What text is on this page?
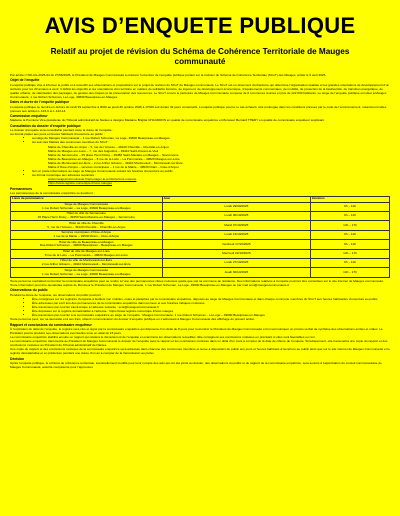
AVIS D’ENQUETE PUBLIQUE
Relatif au projet de révision du Schéma de Cohérence Territoriale de Mauges communauté
Par arrêté n°AR-AG-2025-04 du 27/06/2025, le Président de Mauges Communauté a ordonné l’ouverture de l’enquête publique portant sur la révision du Schéma de Cohérence Territoriale (SCoT) des Mauges, arrêté le 9 avril 2025.
Objet de l’enquête
L’enquête publique vise à informer le public et à recueillir ses observations et propositions sur le projet de révision du SCoT de Mauges communauté. Le SCoT est un document d’urbanisme qui détermine l’organisation spatiale et les grandes orientations de développement d’un territoire pour les 20 années à venir. Il définit les objectifs et les orientations d’un territoire en matière de solidarité foncière, de logement, de développement économique, d’équipements commerciaux, de mobilité, de protection de la biodiversité, de transition énergétique, de qualité urbaine, de valorisation des paysages, de gestion des risques et de préservation des ressources. Le SCoT couvre le périmètre de Mauges Communauté composé de 6 communes réunies et plus de 122 000 habitants. Le siège de l’enquête publique est situé à Mauges Communauté, 1 rue Robert Schuman, La Loge, 49600 Beaupréau-en-Mauges.
Dates et durée de l’enquête publique
L’enquête publique se tiendra en dehors du lundi 29 septembre à 9h00 au jeudi 30 octobre 2025 à 17h00 soit durant 32 jours consécutifs. L’enquête publique pourra, le cas échéant, être prolongée dans les conditions prévues par le code de l’environnement, notamment celles prévues aux articles L.123-9 et L.123-14.
Commission enquêteur
Madame la Première Vice-présidente du Tribunal administratif de Nantes a désigné Madame Brigitte CHAUDRON en qualité de commissaire enquêtrice et Monsieur Bernard THERY en qualité de commissaire enquêteur suppléant.
Consultation du dossier d’enquête publique
Le dossier d’enquête sera consultable pendant toute la durée de l’enquête :
Au format papier aux jours et heures habituels d’ouverture au public :
• au siège de Mauges Communauté – 1 rue Robert Schuman, La Loge, 49600 Beaupréau-en-Mauges.
• Au sein des Mairies des communes membres du SCoT :
Mairie de Chemillé-en-Anjou – 5, rue de l’Arceau – 49120 Chemillé – Chemillé-en-Anjou
Mairie de Mauges-sur-Loire – 7, rue des Augustins – 49410 Saint-Florent-le-Vieil
Mairie de Sèvremoine – 25 place Henri Doisy – 49450 Saint-Macaire-en-Mauges – Sèvremoine
Mairie de Beaupréau-en-Mauges – 8 rue de la Loire – La Pommeraie – 49620 Mauges-sur-Loire
Mairie de Montrevault-sur-Èvre – 2 rue Arthur Gibouin – 49110 Montrevault – Montrevault-sur-Èvre
Mairie d’Orée-d’Anjou – services municipaux – 1 rue de la Mairie – 49530 Drain – Orée-d’Anjou
• Sur un poste informatique au siège de Mauges Communauté suivant les horaires d’ouverture au public.
• Au format numérique aux adresses suivantes :
www.maugescommunaute.fr/amenager-le-territoire/scot-enquete
https://www.registre-numerique.fr/scot-mauges
Permanences
Les permanences de la commissaire enquêtrice se tiendront :
Lieux de permanence	Jour	Horaires

Siège de Mauges Communauté
1 rue Robert Schuman – La Loge, 49600 Beaupréau-en-Mauges	Lundi 29/09/2025	9h – 12h

Hôtel de ville de Sèvremoine
25 Place Henri Doisy – 49450 Saint-Macaire-en-Mauges – Sèvremoine	Lundi 06/10/2025	9h – 12h

Hôtel de ville de Chemillé
5, rue de l’Arceau – 49120 Chemillé – Chemillé-en-Anjou	Mardi 07/10/2025	14h – 17h

Services municipaux d’Orée-d’Anjou
1 rue de la Mairie – 49530 Drain – Orée-d’Anjou	Lundi 13/10/2025	9h – 12h

Hôtel de ville de Beaupréau-en-Mauges
Rue Robert Schuman – 49600 Beaupréau – Beaupréau-en-Mauges	Vendredi 17/10/2025	9h – 12h

Hôtel de ville de Mauges-sur-Loire
8 rue de la Loire – La Pommeraie – 49620 Mauges-sur-Loire	Mercredi 22/10/2025	14h – 17h

Hôtel de ville de Montrevault-sur-Èvre
2 rue Arthur Gibouin – 49110 Montrevault – Montrevault-sur-Èvre	Lundi 27/10/2025	9h – 12h

Siège de Mauges Communauté
1 rue Robert Schuman – La Loge, 49600 Beaupréau-en-Mauges	Jeudi 30/10/2025	14h – 17h
Toute personne souhaitant rencontrer la commissaire enquêtrice peut se rendre à l’une des permanences citées ci-dessus quelle que soit sa commune de résidence. Des informations relatives à l’enquête pourront être consultées sur le site internet de Mauges communauté. Toute information peut être demandée auprès de Monsieur le Président de Mauges Communauté, 1 rue Robert Schuman, La Loge, 49600 Beaupréau-en-Mauges ou par mail scot@maugescommunaute.fr.
Observations du public
Pendant la durée de l’enquête, les observations du public pourront :
• Être consignées sur les registres d’enquête à feuillets non mobiles, cotés et paraphés par la commissaire enquêtrice, déposés au siège de Mauges Communauté et dans chaque commune membres du SCoT aux heures habituelles d’ouverture au public.
• Être adressées par écrit lors des permanences de la commissaire enquêtrice dans les lieux et aux horaires indiqués ci-dessus.
• Être transmises par courrier électronique à l’adresse suivante : scot@maugescommunaute.fr
• Être déposées sur le registre dématérialisé à l’adresse : https://www.registre-numerique.fr/scot-mauges
• Être transmises par courrier à la commissaire enquêtrice au siège de l’enquête : Mauges Communauté, 1 rue Robert Schuman – La Loge – 49600 Beaupréau-en-Mauges
Toute personne peut, sur sa demande et à ses frais, obtenir communication du dossier d’enquête publique en s’adressant à Mauges Communauté dès affichage du présent arrêté.
Rapport et conclusions du commissaire enquêteur
À l’expiration du délai de l’enquête, le registre sera clos et signé par la commissaire enquêtrice qui disposera d’un délai de 8 jours pour rencontrer le Président de Mauges Communauté et lui communiquer un procès-verbal de synthèse des observations écrites et orales. Le Président pourra produire ses observations éventuelles sous un délai de 15 jours.
La commissaire enquêtrice établira ensuite un rapport qui relatera le déroulement de l’enquête et examinera les observations recueillies. Elle consignera ses conclusions motivées en précisant si elles sont favorables ou non.
La commissaire enquêtrice transmettra au Président de Mauges Communauté le dossier de l’enquête avec le rapport et les conclusions motivées dans un délai d’un mois à compter de la date de clôture de l’enquête. Simultanément, elle transmettra une copie du rapport et des conclusions motivées au Président du Tribunal administratif de Nantes.
Une copie du rapport et des conclusions motivées de la commissaire enquêtrice sera adressée dans chacune des communes membres et tenue à disposition du public aux jours et heures habituels d’ouverture au public ainsi que sur le site internet de Mauges Communauté et le registre dématérialisé et en préfecture pendant une durée d’un an à compter de la transmission au préfet.
Décision
Après l’enquête publique, le schéma de cohérence territoriale, éventuellement modifié pour tenir compte des avis qui ont été joints au dossier, des observations du public et du rapport de la commissaire enquêtrice, sera soumis à l’approbation du conseil communautaire de Mauges Communauté, autorité compétente pour l’approuver.
